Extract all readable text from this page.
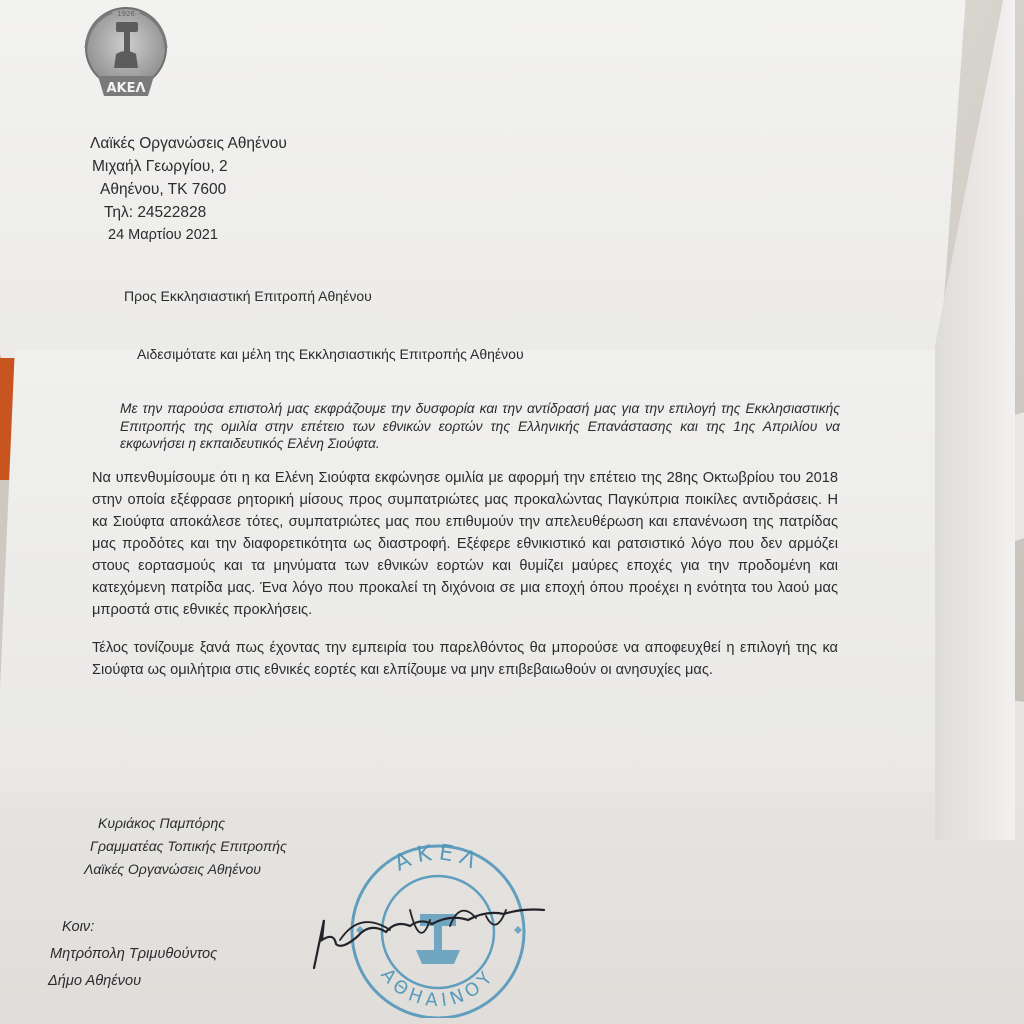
ΑΚΕΛ
1926
Λαϊκές Οργανώσεις Αθηένου
Μιχαήλ Γεωργίου, 2
Αθηένου, ΤΚ 7600
Τηλ: 24522828
24 Μαρτίου 2021
Προς Εκκλησιαστική Επιτροπή Αθηένου
Αιδεσιμότατε και μέλη της Εκκλησιαστικής Επιτροπής Αθηένου

Με την παρούσα επιστολή μας εκφράζουμε την δυσφορία και την αντίδρασή μας για την επιλογή της Εκκλησιαστικής Επιτροπής της ομιλία στην επέτειο των εθνικών εορτών της Ελληνικής Επανάστασης και της 1ης Απριλίου να εκφωνήσει η εκπαιδευτικός Ελένη Σιούφτα.

Να υπενθυμίσουμε ότι η κα Ελένη Σιούφτα εκφώνησε ομιλία με αφορμή την επέτειο της 28ης Οκτωβρίου του 2018 στην οποία εξέφρασε ρητορική μίσους προς συμπατριώτες μας προκαλώντας Παγκύπρια ποικίλες αντιδράσεις. Η κα Σιούφτα αποκάλεσε τότες, συμπατριώτες μας που επιθυμούν την απελευθέρωση και επανένωση της πατρίδας μας προδότες και την διαφορετικότητα ως διαστροφή. Εξέφερε εθνικιστικό και ρατσιστικό λόγο που δεν αρμόζει στους εορτασμούς και τα μηνύματα των εθνικών εορτών και θυμίζει μαύρες εποχές για την προδομένη και κατεχόμενη πατρίδα μας. Ένα λόγο που προκαλεί τη διχόνοια σε μια εποχή όπου προέχει η ενότητα του λαού μας μπροστά στις εθνικές προκλήσεις.

Τέλος τονίζουμε ξανά πως έχοντας την εμπειρία του παρελθόντος θα μπορούσε να αποφευχθεί η επιλογή της κα Σιούφτα ως ομιλήτρια στις εθνικές εορτές και ελπίζουμε να μην επιβεβαιωθούν οι ανησυχίες μας.

Κυριάκος Παμπόρης
Γραμματέας Τοπικής Επιτροπής
Λαϊκές Οργανώσεις Αθηένου
Κοιν:
Μητρόπολη Τριμυθούντος
Δήμο Αθηένου
ΑΚΕΛ
ΑΘΗΑΙΝΟΥ
